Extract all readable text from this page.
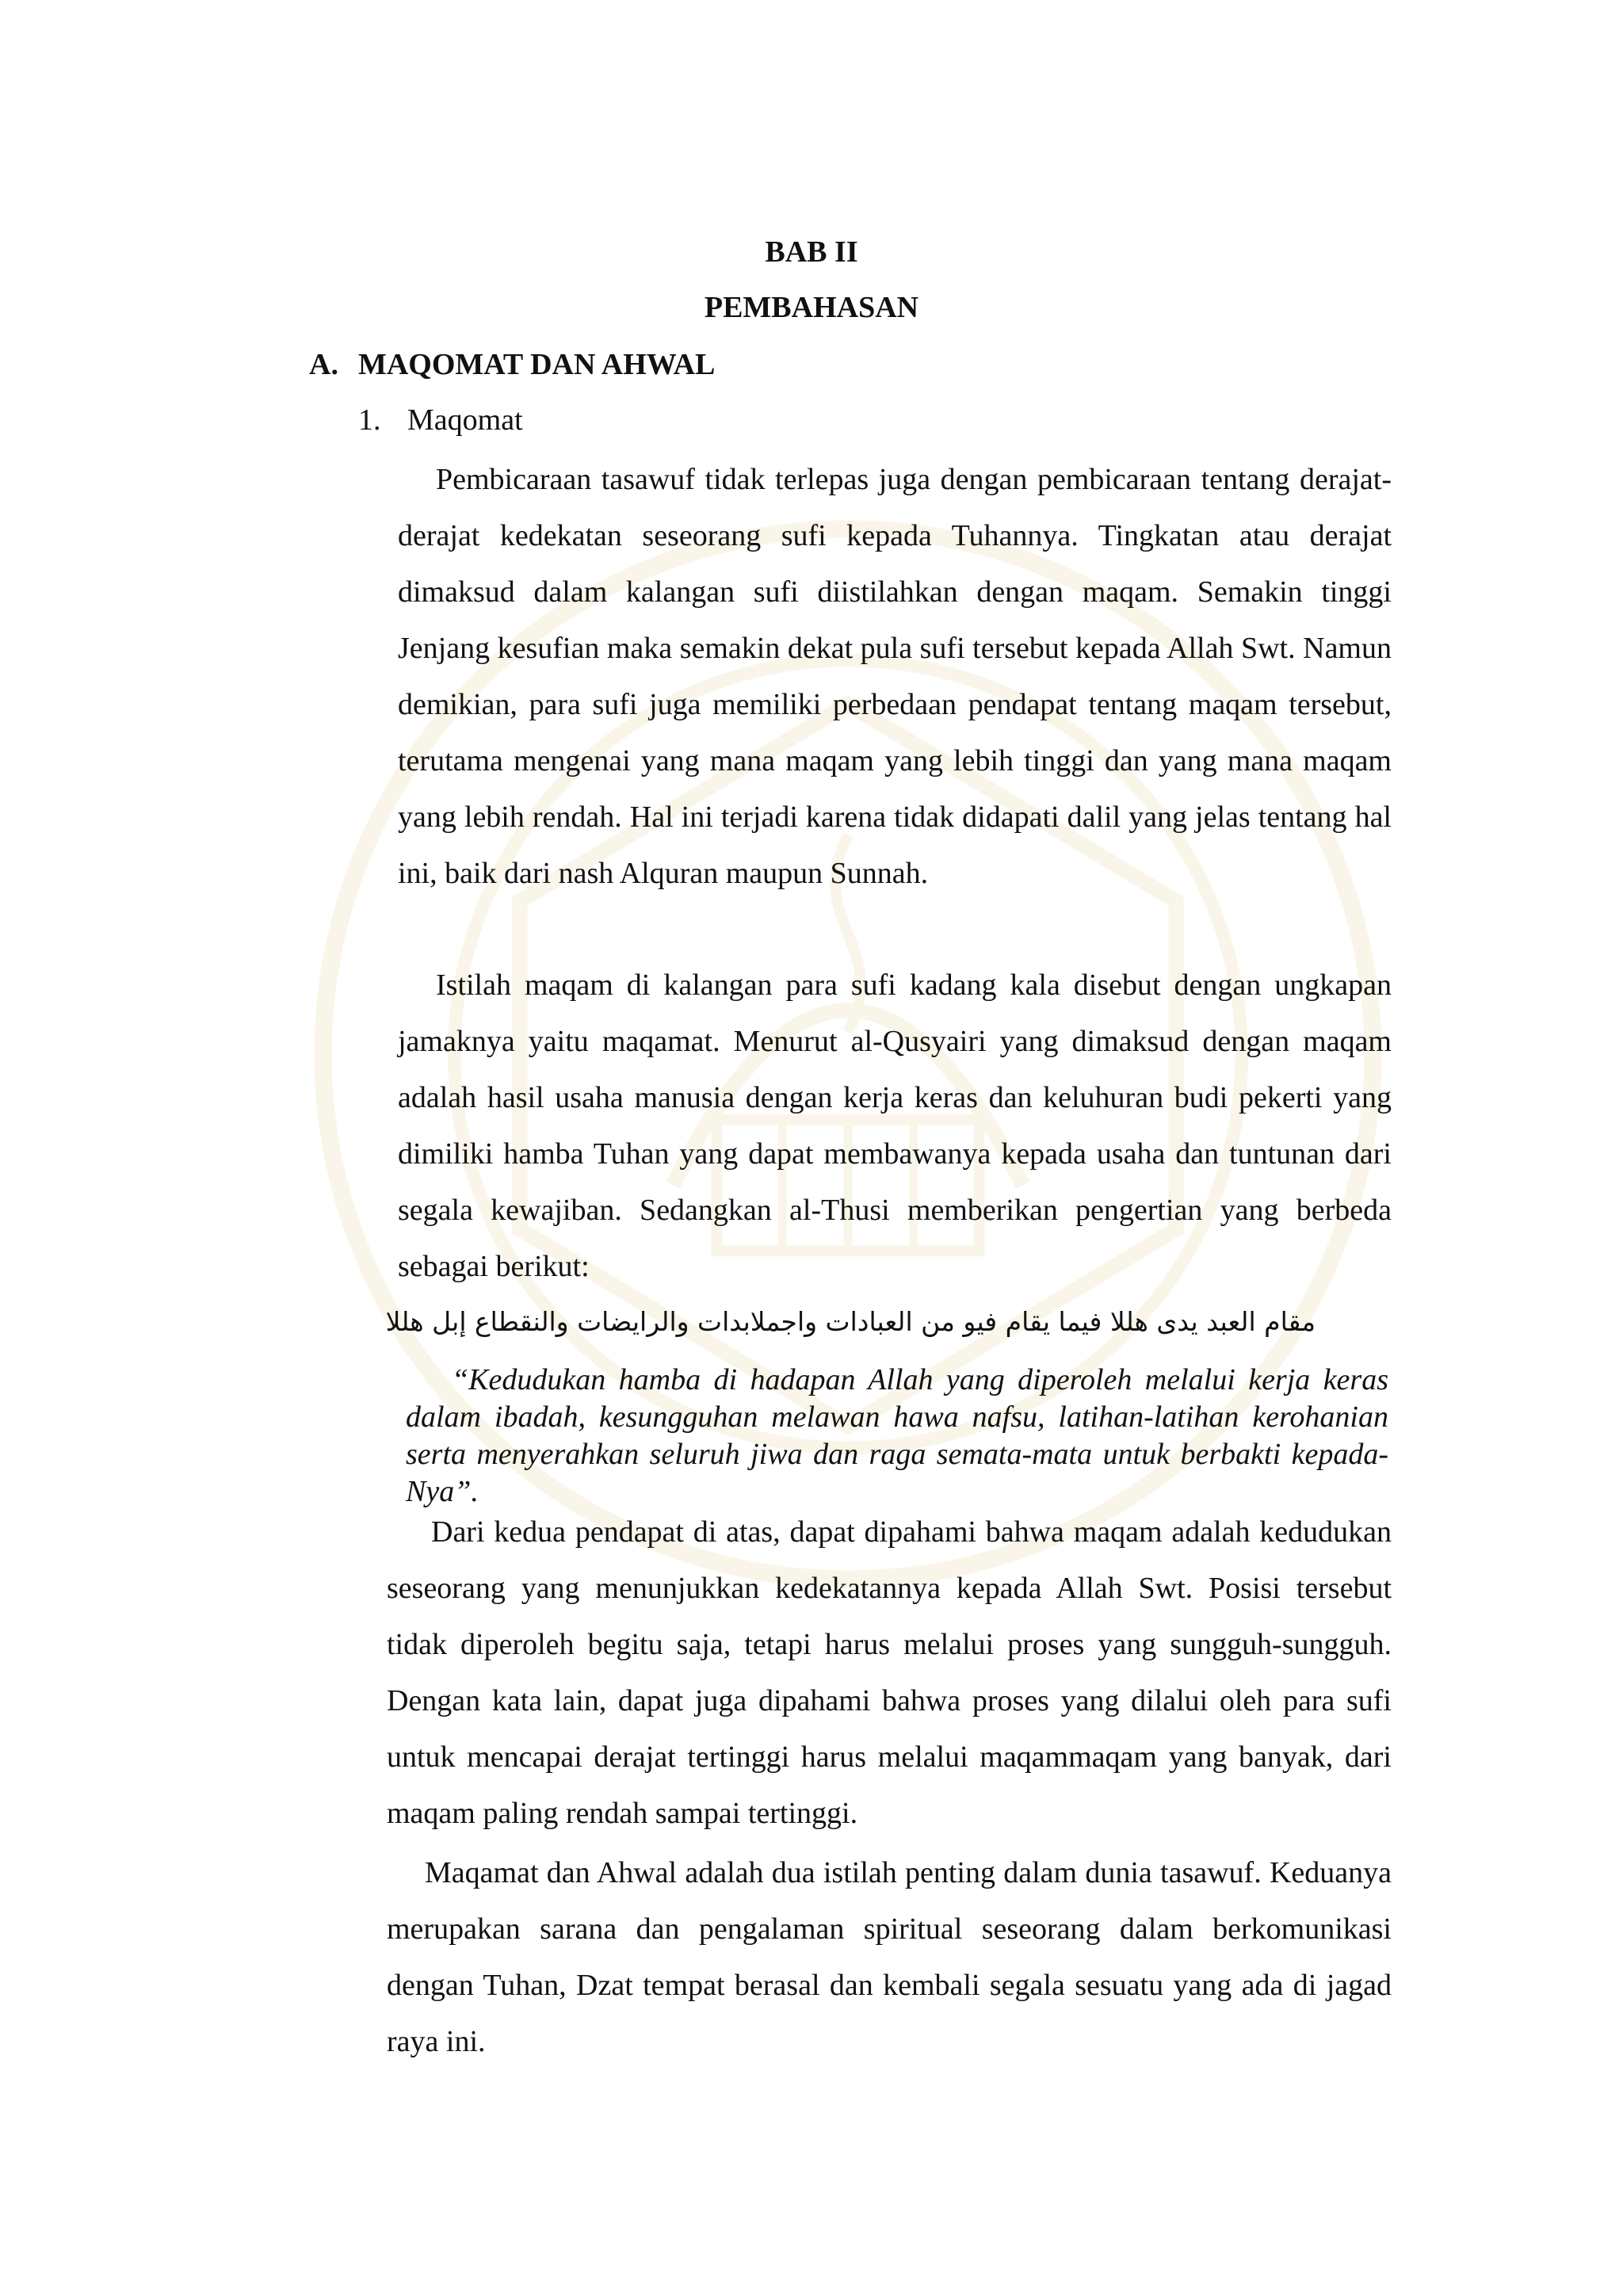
BAB II
PEMBAHASAN
A. MAQOMAT DAN AHWAL
1. Maqomat

Pembicaraan tasawuf tidak terlepas juga dengan pembicaraan tentang derajat-derajat kedekatan seseorang sufi kepada Tuhannya. Tingkatan atau derajat dimaksud dalam kalangan sufi diistilahkan dengan maqam. Semakin tinggi Jenjang kesufian maka semakin dekat pula sufi tersebut kepada Allah Swt. Namun demikian, para sufi juga memiliki perbedaan pendapat tentang maqam tersebut, terutama mengenai yang mana maqam yang lebih tinggi dan yang mana maqam yang lebih rendah. Hal ini terjadi karena tidak didapati dalil yang jelas tentang hal ini, baik dari nash Alquran maupun Sunnah.

Istilah maqam di kalangan para sufi kadang kala disebut dengan ungkapan jamaknya yaitu maqamat. Menurut al-Qusyairi yang dimaksud dengan maqam adalah hasil usaha manusia dengan kerja keras dan keluhuran budi pekerti yang dimiliki hamba Tuhan yang dapat membawanya kepada usaha dan tuntunan dari segala kewajiban. Sedangkan al-Thusi memberikan pengertian yang berbeda sebagai berikut:

مقام العبد يدى هللا فيما يقام فيو من العبادات واجملابدات والرايضات والنقطاع إبل هللا

“Kedudukan hamba di hadapan Allah yang diperoleh melalui kerja keras dalam ibadah, kesungguhan melawan hawa nafsu, latihan-latihan kerohanian serta menyerahkan seluruh jiwa dan raga semata-mata untuk berbakti kepada-Nya”.

Dari kedua pendapat di atas, dapat dipahami bahwa maqam adalah kedudukan seseorang yang menunjukkan kedekatannya kepada Allah Swt. Posisi tersebut tidak diperoleh begitu saja, tetapi harus melalui proses yang sungguh-sungguh. Dengan kata lain, dapat juga dipahami bahwa proses yang dilalui oleh para sufi untuk mencapai derajat tertinggi harus melalui maqammaqam yang banyak, dari maqam paling rendah sampai tertinggi.

Maqamat dan Ahwal adalah dua istilah penting dalam dunia tasawuf. Keduanya merupakan sarana dan pengalaman spiritual seseorang dalam berkomunikasi dengan Tuhan, Dzat tempat berasal dan kembali segala sesuatu yang ada di jagad raya ini.
